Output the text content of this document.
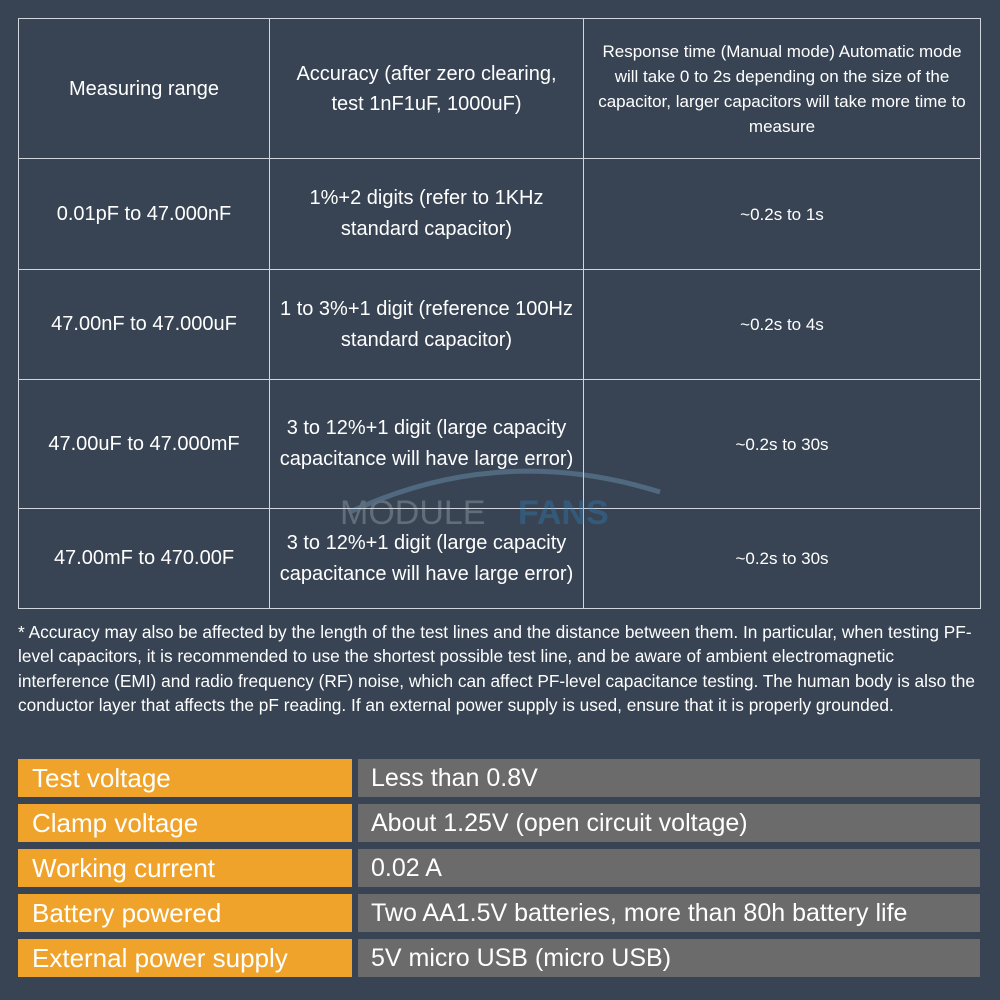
Measuring range	Accuracy (after zero clearing, test 1nF1uF, 1000uF)	Response time (Manual mode) Automatic mode will take 0 to 2s depending on the size of the capacitor, larger capacitors will take more time to measure
0.01pF to 47.000nF	1%+2 digits (refer to 1KHz standard capacitor)	~0.2s to 1s
47.00nF to 47.000uF	1 to 3%+1 digit (reference 100Hz standard capacitor)	~0.2s to 4s
47.00uF to 47.000mF	3 to 12%+1 digit (large capacity capacitance will have large error)	~0.2s to 30s
47.00mF to 470.00F	3 to 12%+1 digit (large capacity capacitance will have large error)	~0.2s to 30s
MODULE FANS
* Accuracy may also be affected by the length of the test lines and the distance between them. In particular, when testing PF-level capacitors, it is recommended to use the shortest possible test line, and be aware of ambient electromagnetic interference (EMI) and radio frequency (RF) noise, which can affect PF-level capacitance testing. The human body is also the conductor layer that affects the pF reading. If an external power supply is used, ensure that it is properly grounded.
Test voltage	Less than 0.8V
Clamp voltage	About 1.25V (open circuit voltage)
Working current	0.02 A
Battery powered	Two AA1.5V batteries, more than 80h battery life
External power supply	5V micro USB (micro USB)
